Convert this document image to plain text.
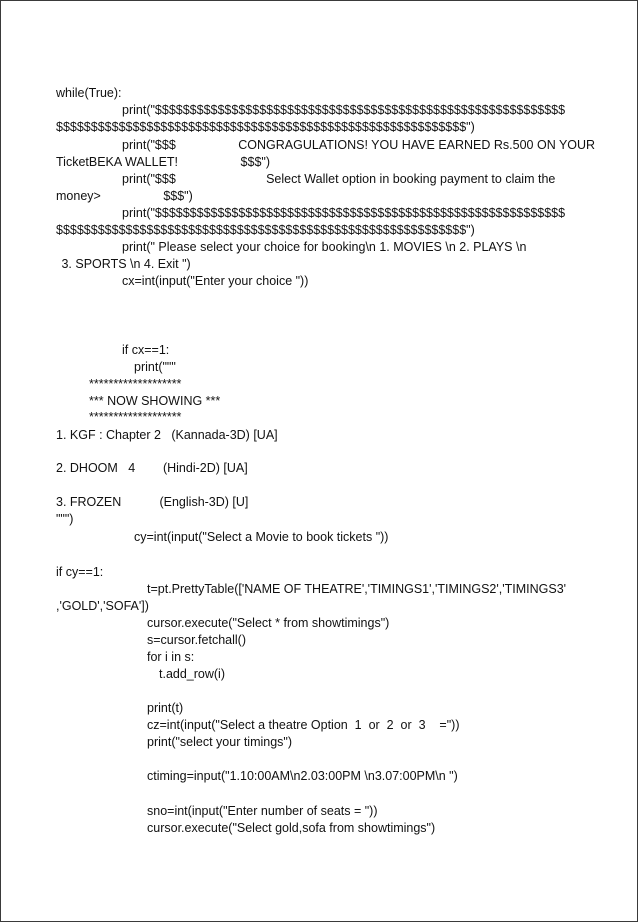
while(True):
print("$$$$$$$$$$$$$$$$$$$$$$$$$$$$$$$$$$$$$$$$$$$$$$$$$$$$$$$$$$$
$$$$$$$$$$$$$$$$$$$$$$$$$$$$$$$$$$$$$$$$$$$$$$$$$$$$$$$$$$$")
print("$$$                  CONGRAGULATIONS! YOU HAVE EARNED Rs.500 ON YOUR
TicketBEKA WALLET!                  $$$")
print("$$$                          Select Wallet option in booking payment to claim the
money>                  $$$")
print("$$$$$$$$$$$$$$$$$$$$$$$$$$$$$$$$$$$$$$$$$$$$$$$$$$$$$$$$$$$
$$$$$$$$$$$$$$$$$$$$$$$$$$$$$$$$$$$$$$$$$$$$$$$$$$$$$$$$$$$")
print(" Please select your choice for booking\n 1. MOVIES \n 2. PLAYS \n
3. SPORTS \n 4. Exit ")
cx=int(input("Enter your choice "))
if cx==1:
print("""
*******************
*** NOW SHOWING ***
*******************
1. KGF : Chapter 2   (Kannada-3D) [UA]
2. DHOOM   4        (Hindi-2D) [UA]
3. FROZEN           (English-3D) [U]
""")
cy=int(input("Select a Movie to book tickets "))
if cy==1:
t=pt.PrettyTable(['NAME OF THEATRE','TIMINGS1','TIMINGS2','TIMINGS3'
,'GOLD','SOFA'])
cursor.execute("Select * from showtimings")
s=cursor.fetchall()
for i in s:
t.add_row(i)
print(t)
cz=int(input("Select a theatre Option  1  or  2  or  3    ="))
print("select your timings")
ctiming=input("1.10:00AM\n2.03:00PM \n3.07:00PM\n ")
sno=int(input("Enter number of seats = "))
cursor.execute("Select gold,sofa from showtimings")
